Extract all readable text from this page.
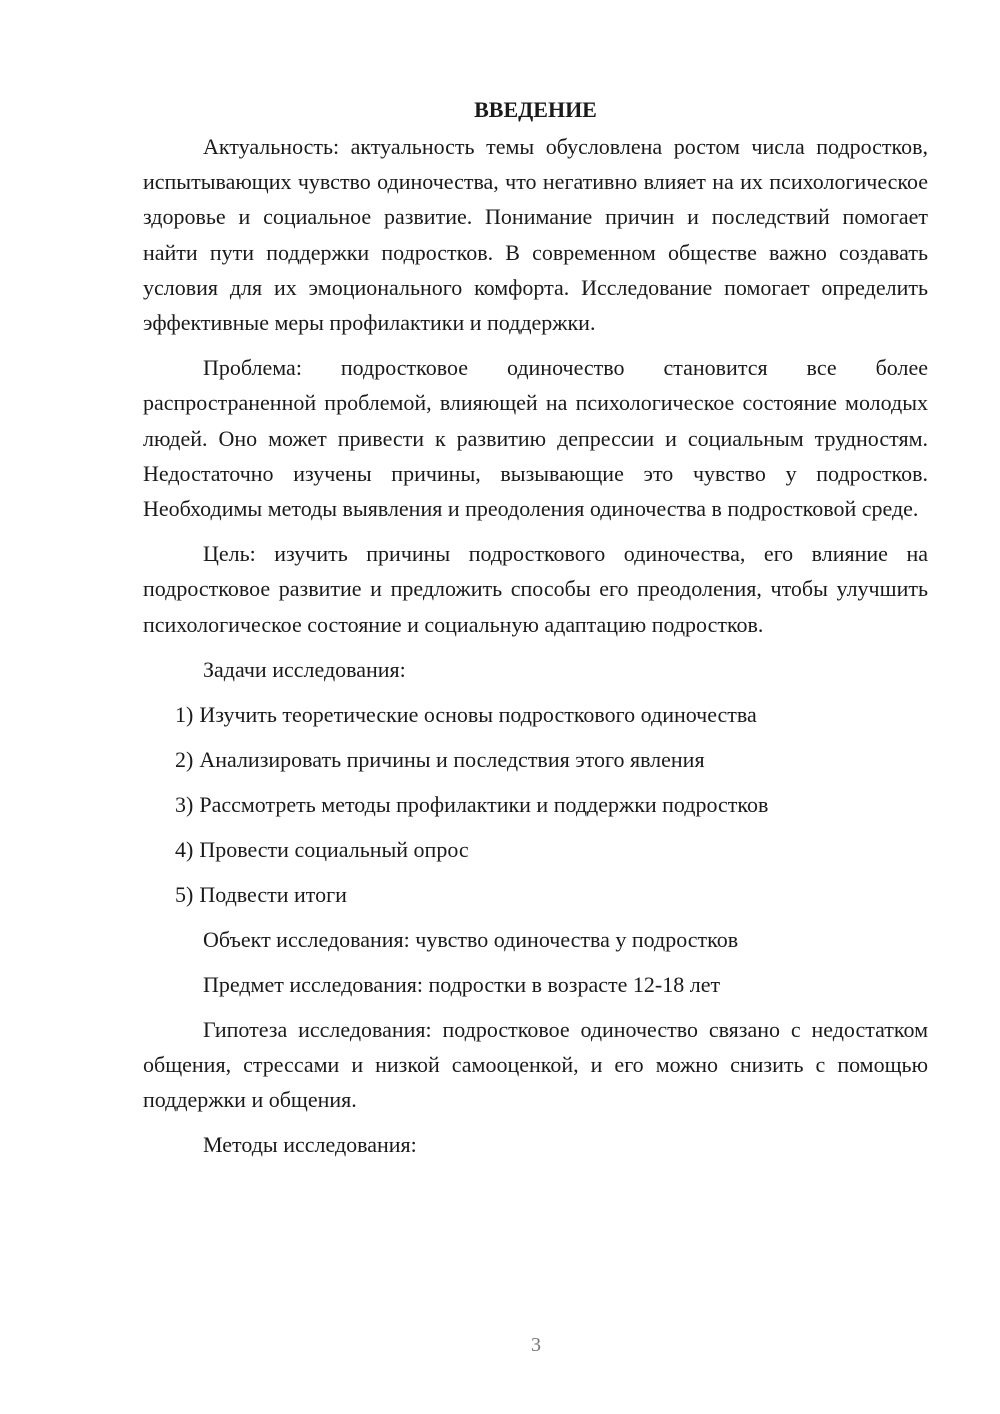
ВВЕДЕНИЕ

Актуальность: актуальность темы обусловлена ростом числа подростков, испытывающих чувство одиночества, что негативно влияет на их психологическое здоровье и социальное развитие. Понимание причин и последствий помогает найти пути поддержки подростков. В современном обществе важно создавать условия для их эмоционального комфорта. Исследование помогает определить эффективные меры профилактики и поддержки.

Проблема: подростковое одиночество становится все более распространенной проблемой, влияющей на психологическое состояние молодых людей. Оно может привести к развитию депрессии и социальным трудностям. Недостаточно изучены причины, вызывающие это чувство у подростков. Необходимы методы выявления и преодоления одиночества в подростковой среде.

Цель: изучить причины подросткового одиночества, его влияние на подростковое развитие и предложить способы его преодоления, чтобы улучшить психологическое состояние и социальную адаптацию подростков.

Задачи исследования:
1) Изучить теоретические основы подросткового одиночества
2) Анализировать причины и последствия этого явления
3) Рассмотреть методы профилактики и поддержки подростков
4) Провести социальный опрос
5) Подвести итоги
Объект исследования: чувство одиночества у подростков
Предмет исследования: подростки в возрасте 12-18 лет

Гипотеза исследования: подростковое одиночество связано с недостатком общения, стрессами и низкой самооценкой, и его можно снизить с помощью поддержки и общения.

Методы исследования:
3
